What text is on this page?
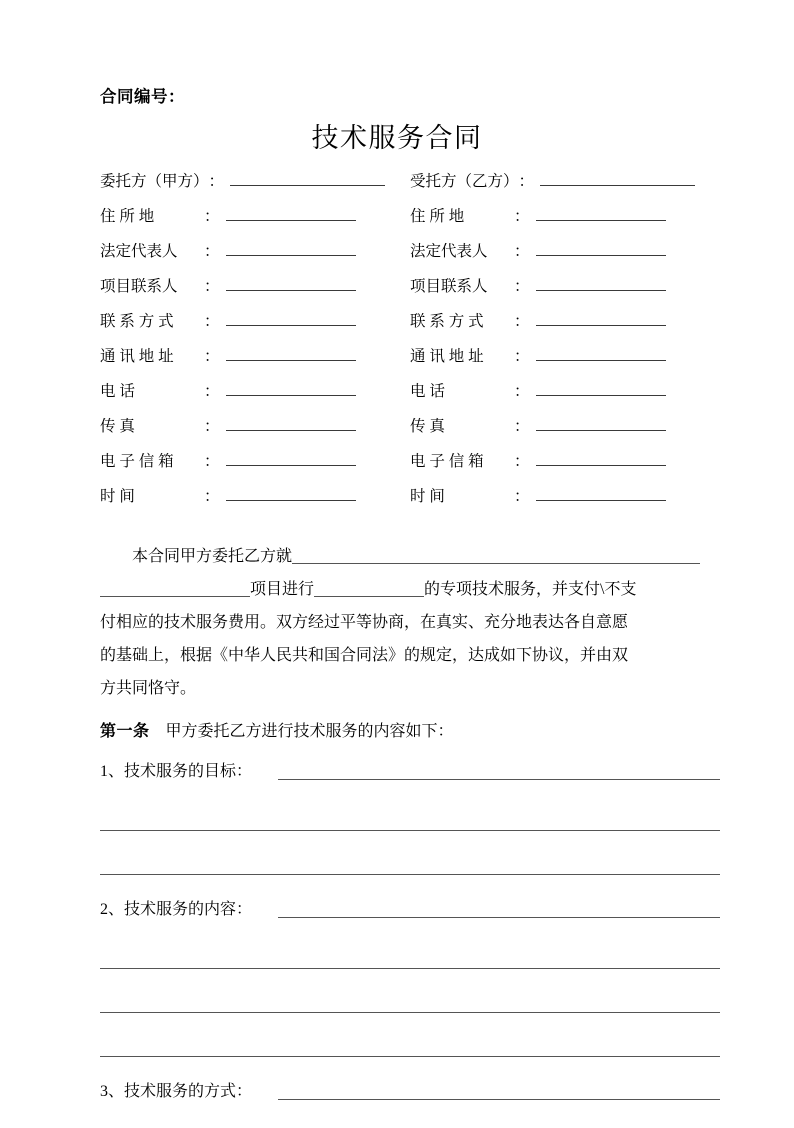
合同编号：
技术服务合同
委托方（甲方） ：	受托方（乙方） ：
住 所 地	：	住 所 地	：
法定代表人	：	法定代表人	：
项目联系人	：	项目联系人	：
联 系 方 式	：	联 系 方 式	：
通 讯 地 址	：	通 讯 地 址	：
电 话	：	电 话	：
传 真	：	传 真	：
电 子 信 箱	：	电 子 信 箱	：
时 间	：	时 间	：
本合同甲方委托乙方就
项目进行	的专项技术服务，并支付\不支
付相应的技术服务费用。双方经过平等协商，在真实、充分地表达各自意愿
的基础上，根据《中华人民共和国合同法》的规定，达成如下协议，并由双
方共同恪守。
第一条 甲方委托乙方进行技术服务的内容如下：
1、技术服务的目标：
2、技术服务的内容：
3、技术服务的方式：
